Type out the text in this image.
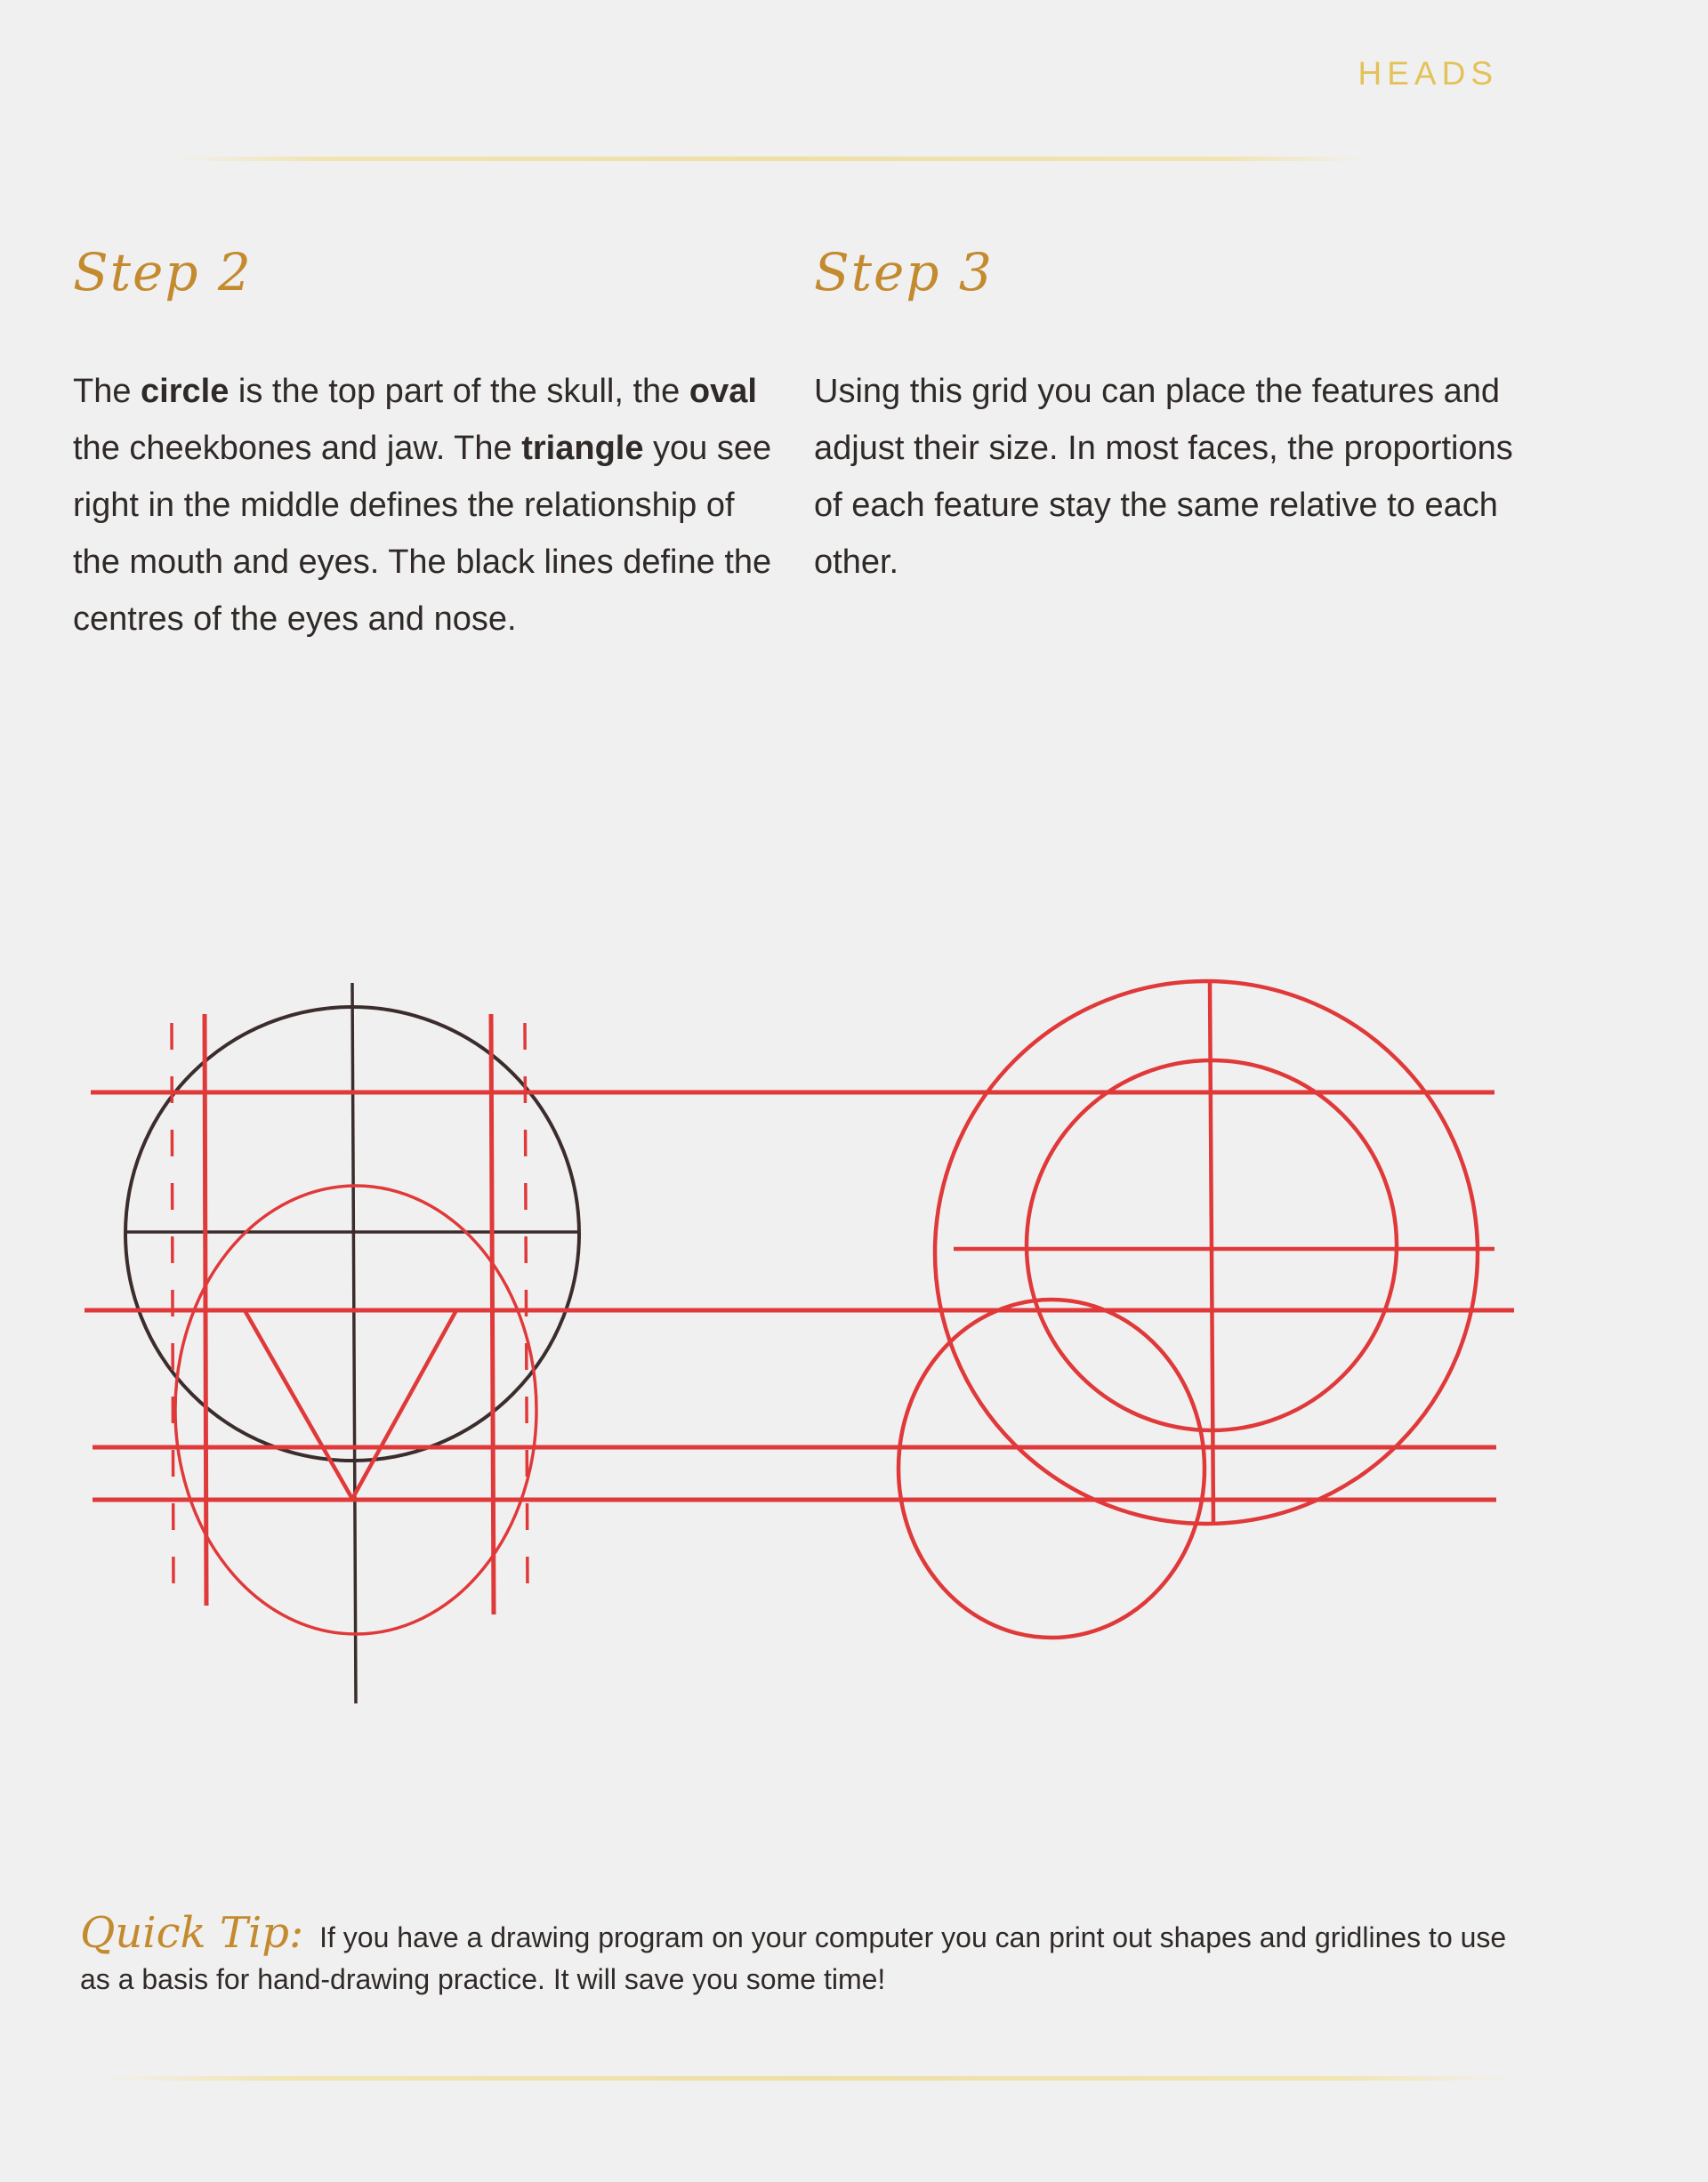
HEADS
Step 2
The circle is the top part of the skull, the oval the cheekbones and jaw. The triangle you see right in the middle defines the relationship of the mouth and eyes. The black lines define the centres of the eyes and nose.
Step 3
Using this grid you can place the features and adjust their size. In most faces, the proportions of each feature stay the same relative to each other.
Quick Tip: If you have a drawing program on your computer you can print out shapes and gridlines to use as a basis for hand-drawing practice. It will save you some time!
